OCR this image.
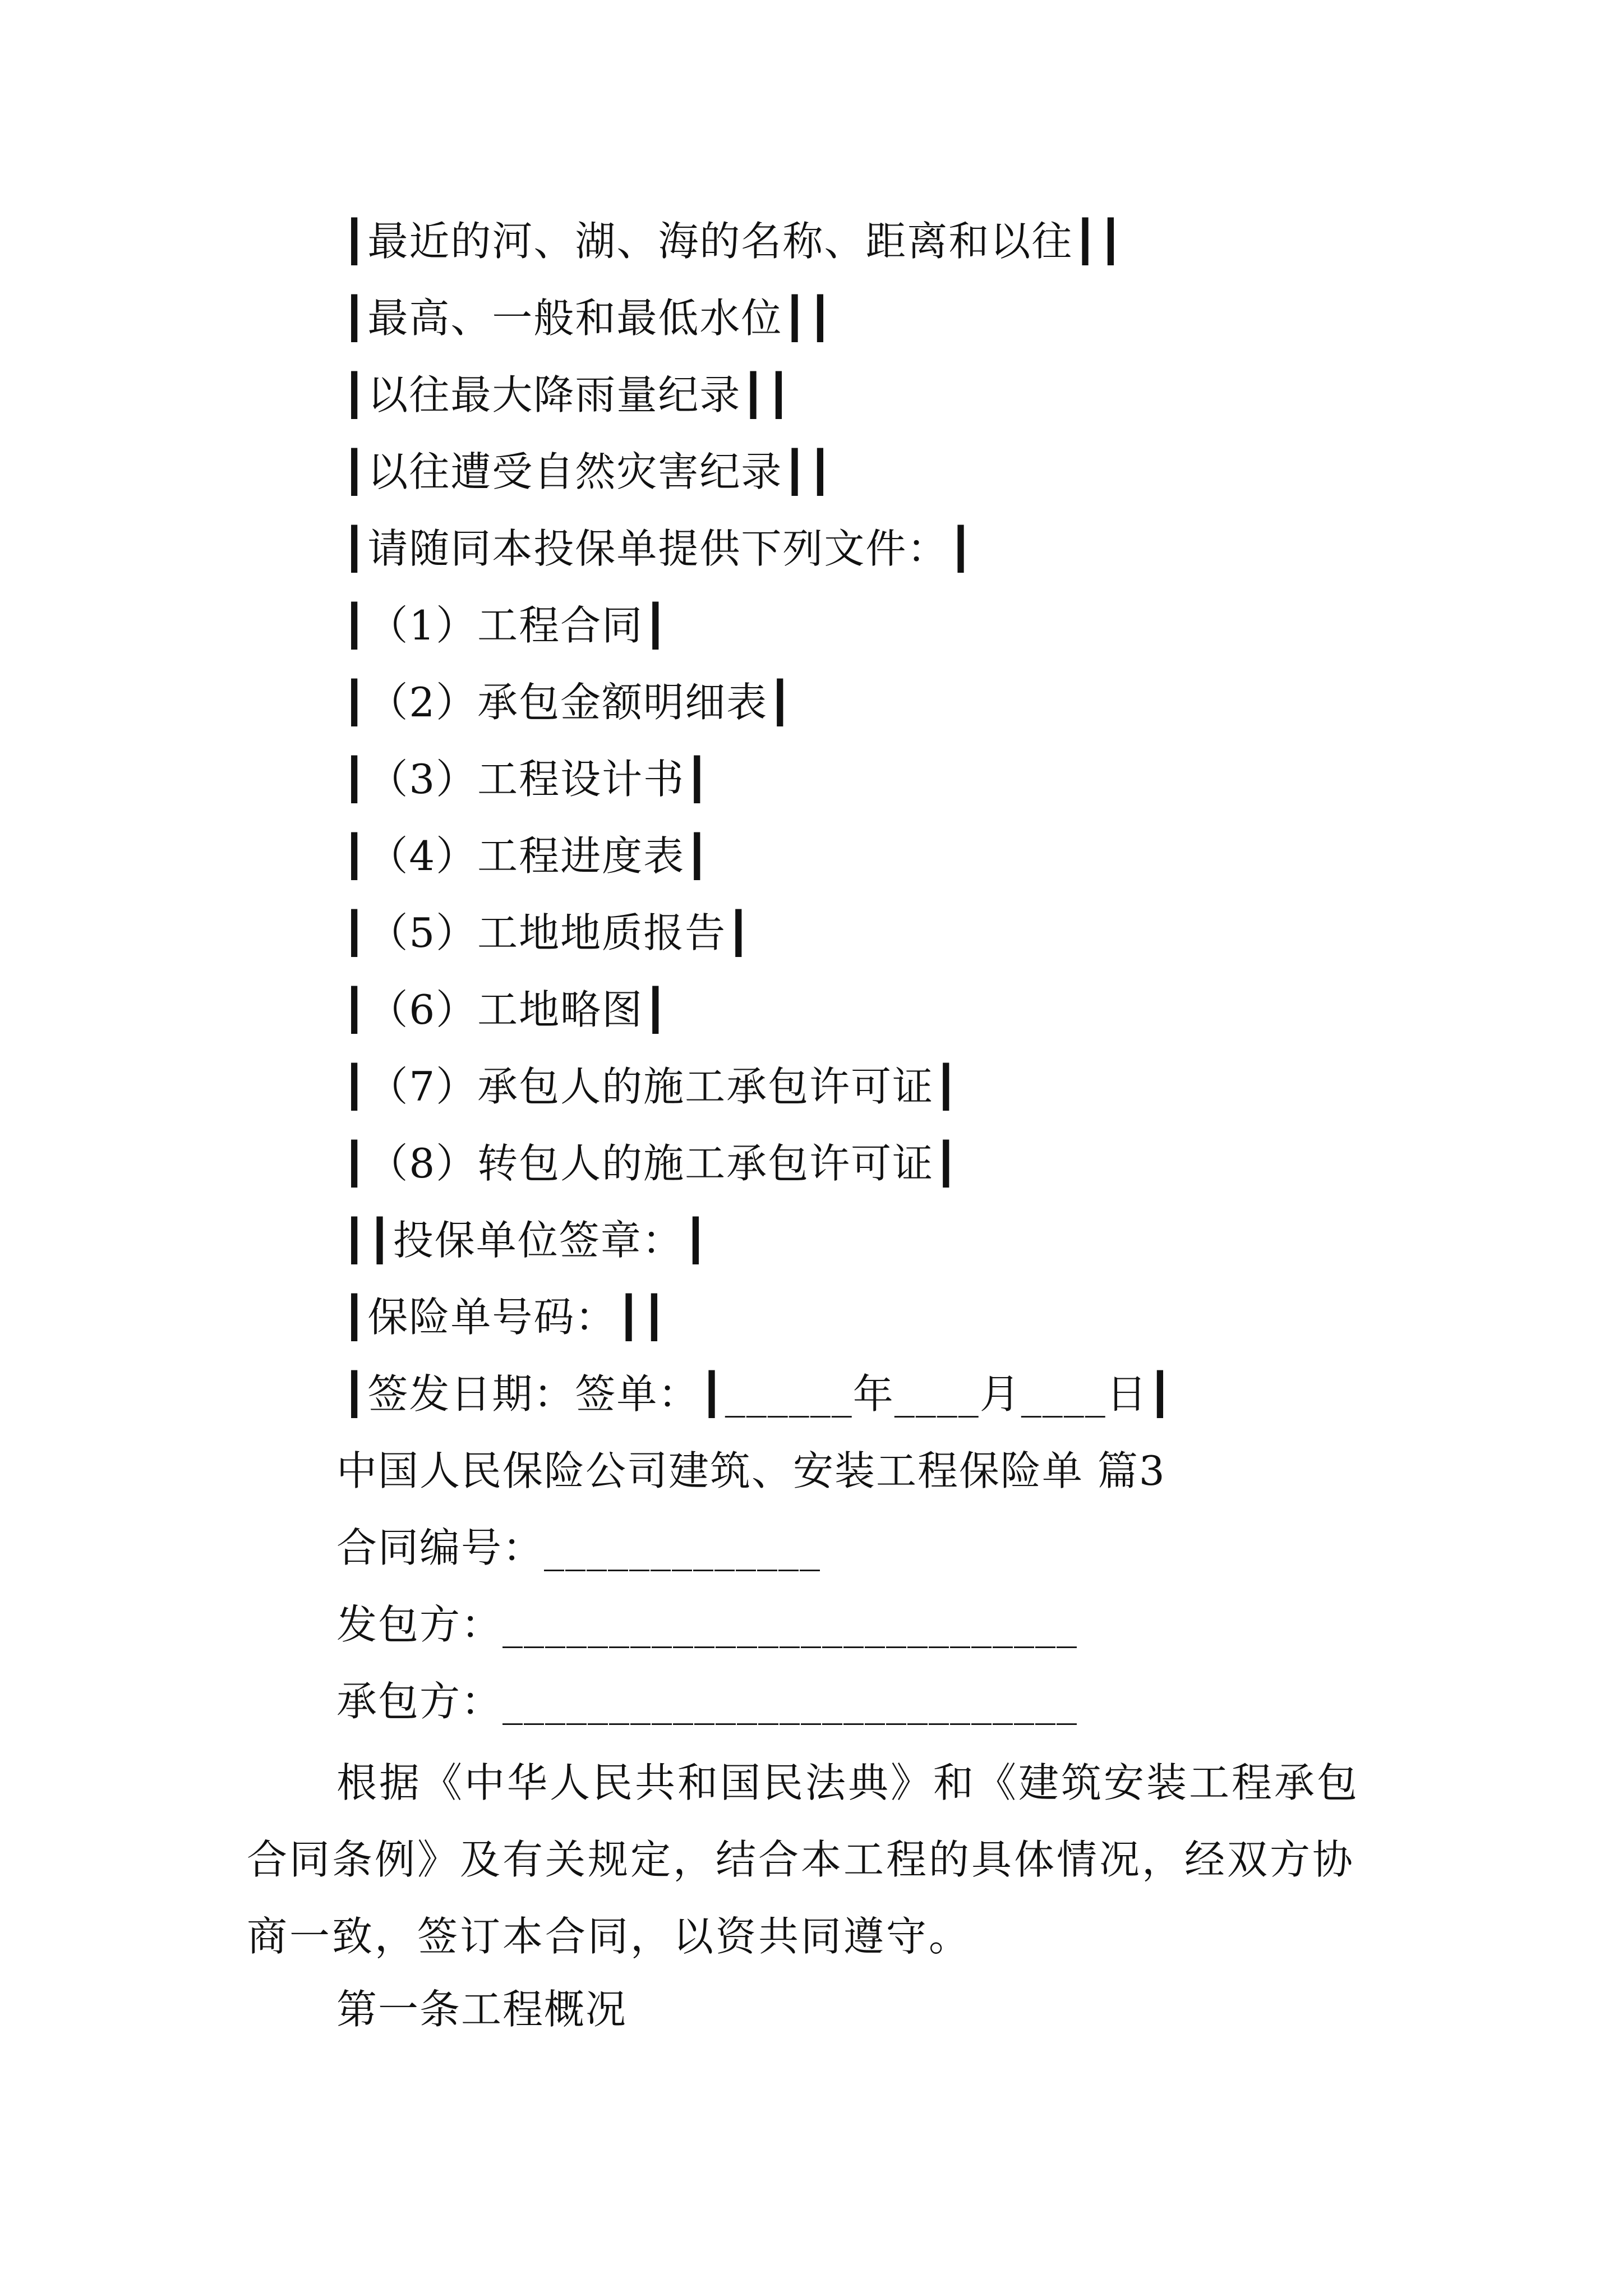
┃最近的河、湖、海的名称、距离和以往┃┃
┃最高、一般和最低水位┃┃
┃以往最大降雨量纪录┃┃
┃以往遭受自然灾害纪录┃┃
┃请随同本投保单提供下列文件：┃
┃（1）工程合同┃
┃（2）承包金额明细表┃
┃（3）工程设计书┃
┃（4）工程进度表┃
┃（5）工地地质报告┃
┃（6）工地略图┃
┃（7）承包人的施工承包许可证┃
┃（8）转包人的施工承包许可证┃
┃┃投保单位签章：┃
┃保险单号码：┃┃
┃签发日期：签单：┃______年____月____日┃
中国人民保险公司建筑、安装工程保险单 篇3
合同编号：_____________
发包方：___________________________
承包方：___________________________
根据《中华人民共和国民法典》和《建筑安装工程承包合同条例》及有关规定，结合本工程的具体情况，经双方协商一致，签订本合同，以资共同遵守。
第一条工程概况
